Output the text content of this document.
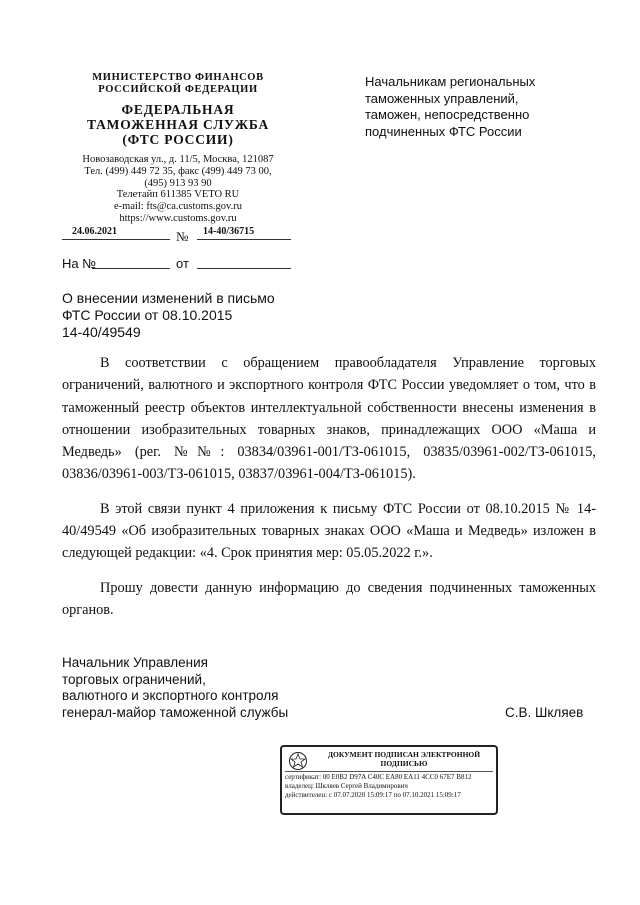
МИНИСТЕРСТВО ФИНАНСОВ
РОССИЙСКОЙ ФЕДЕРАЦИИ
ФЕДЕРАЛЬНАЯ
ТАМОЖЕННАЯ СЛУЖБА
(ФТС РОССИИ)
Новозаводская ул., д. 11/5, Москва, 121087
Тел. (499) 449 72 35, факс (499) 449 73 00,
(495) 913 93 90
Телетайп 611385 VETO RU
e-mail: fts@ca.customs.gov.ru
https://www.customs.gov.ru
24.06.2021	№	14-40/36715
На №	от
Начальникам региональных
таможенных управлений,
таможен, непосредственно
подчиненных ФТС России
О внесении изменений в письмо
ФТС России от 08.10.2015
14-40/49549

В соответствии с обращением правообладателя Управление торговых ограничений, валютного и экспортного контроля ФТС России уведомляет о том, что в таможенный реестр объектов интеллектуальной собственности внесены изменения в отношении изобразительных товарных знаков, принадлежащих ООО «Маша и Медведь» (рег. №№: 03834/03961-001/ТЗ-061015, 03835/03961-002/ТЗ-061015, 03836/03961-003/ТЗ-061015, 03837/03961-004/ТЗ-061015).

В этой связи пункт 4 приложения к письму ФТС России от 08.10.2015 № 14-40/49549 «Об изобразительных товарных знаках ООО «Маша и Медведь» изложен в следующей редакции: «4. Срок принятия мер: 05.05.2022 г.».

Прошу довести данную информацию до сведения подчиненных таможенных органов.

Начальник Управления
торговых ограничений,
валютного и экспортного контроля
генерал-майор таможенной службы	С.В. Шкляев
ДОКУМЕНТ ПОДПИСАН ЭЛЕКТРОННОЙ ПОДПИСЬЮ
сертификат: 00 E0B2 D97A C40C EA80 EA11 4CC0 67E7 B812
владелец: Шкляев Сергей Владимирович
действителен: с 07.07.2020 15:09:17 по 07.10.2021 15:09:17
